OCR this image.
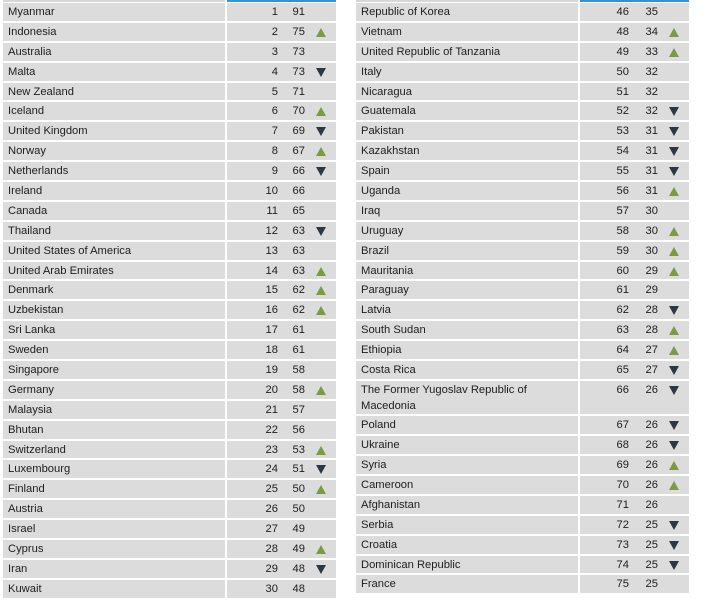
Myanmar	1	91
Indonesia	2	75
Australia	3	73
Malta	4	73
New Zealand	5	71
Iceland	6	70
United Kingdom	7	69
Norway	8	67
Netherlands	9	66
Ireland	10	66
Canada	11	65
Thailand	12	63
United States of America	13	63
United Arab Emirates	14	63
Denmark	15	62
Uzbekistan	16	62
Sri Lanka	17	61
Sweden	18	61
Singapore	19	58
Germany	20	58
Malaysia	21	57
Bhutan	22	56
Switzerland	23	53
Luxembourg	24	51
Finland	25	50
Austria	26	50
Israel	27	49
Cyprus	28	49
Iran	29	48
Kuwait	30	48
Republic of Korea	46	35
Vietnam	48	34
United Republic of Tanzania	49	33
Italy	50	32
Nicaragua	51	32
Guatemala	52	32
Pakistan	53	31
Kazakhstan	54	31
Spain	55	31
Uganda	56	31
Iraq	57	30
Uruguay	58	30
Brazil	59	30
Mauritania	60	29
Paraguay	61	29
Latvia	62	28
South Sudan	63	28
Ethiopia	64	27
Costa Rica	65	27
The Former Yugoslav Republic of Macedonia
66	26
Poland	67	26
Ukraine	68	26
Syria	69	26
Cameroon	70	26
Afghanistan	71	26
Serbia	72	25
Croatia	73	25
Dominican Republic	74	25
France	75	25
